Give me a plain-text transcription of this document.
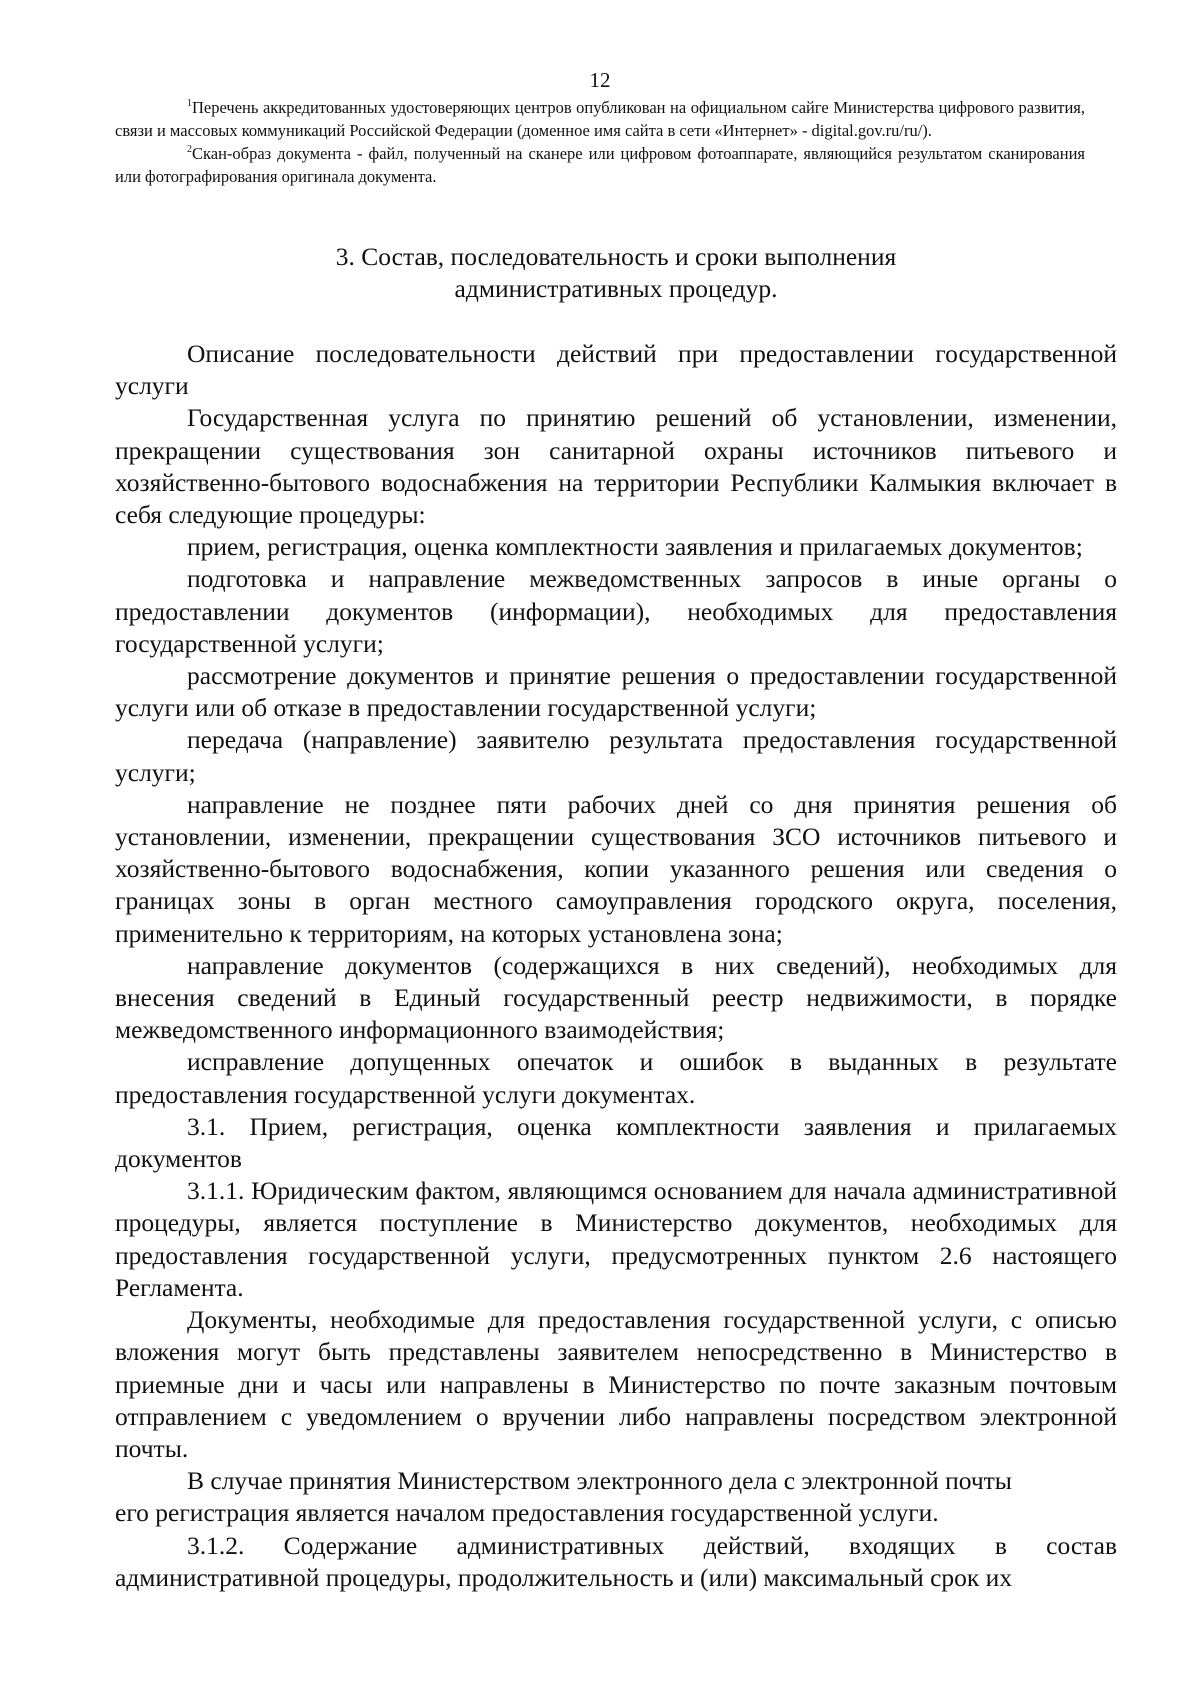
12

$^1$Перечень аккредитованных удостоверяющих центров опубликован на официальном сайге Министерства цифрового развития, связи и массовых коммуникаций Российской Федерации (доменное имя сайта в сети «Интернет» - digital.gov.ru/ru/).

$^2$Скан-образ документа - файл, полученный на сканере или цифровом фотоаппарате, являющийся результатом сканирования или фотографирования оригинала документа.

3. Состав, последовательность и сроки выполнения
административных процедур.

Описание последовательности действий при предоставлении государственной услуги

Государственная услуга по принятию решений об установлении, изменении, прекращении существования зон санитарной охраны источников питьевого и хозяйственно-бытового водоснабжения на территории Республики Калмыкия включает в себя следующие процедуры:

прием, регистрация, оценка комплектности заявления и прилагаемых документов;

подготовка и направление межведомственных запросов в иные органы о предоставлении документов (информации), необходимых для предоставления государственной услуги;

рассмотрение документов и принятие решения о предоставлении государственной услуги или об отказе в предоставлении государственной услуги;

передача (направление) заявителю результата предоставления государственной услуги;

направление не позднее пяти рабочих дней со дня принятия решения об установлении, изменении, прекращении существования ЗСО источников питьевого и хозяйственно-бытового водоснабжения, копии указанного решения или сведения о границах зоны в орган местного самоуправления городского округа, поселения, применительно к территориям, на которых установлена зона;

направление документов (содержащихся в них сведений), необходимых для внесения сведений в Единый государственный реестр недвижимости, в порядке межведомственного информационного взаимодействия;

исправление допущенных опечаток и ошибок в выданных в результате предоставления государственной услуги документах.

3.1. Прием, регистрация, оценка комплектности заявления и прилагаемых документов

3.1.1. Юридическим фактом, являющимся основанием для начала административной процедуры, является поступление в Министерство документов, необходимых для предоставления государственной услуги, предусмотренных пунктом 2.6 настоящего Регламента.

Документы, необходимые для предоставления государственной услуги, с описью вложения могут быть представлены заявителем непосредственно в Министерство в приемные дни и часы или направлены в Министерство по почте заказным почтовым отправлением с уведомлением о вручении либо направлены посредством электронной почты.

В случае принятия Министерством электронного дела с электронной почты

его регистрация является началом предоставления государственной услуги.

3.1.2. Содержание административных действий, входящих в состав административной процедуры, продолжительность и (или) максимальный срок их
